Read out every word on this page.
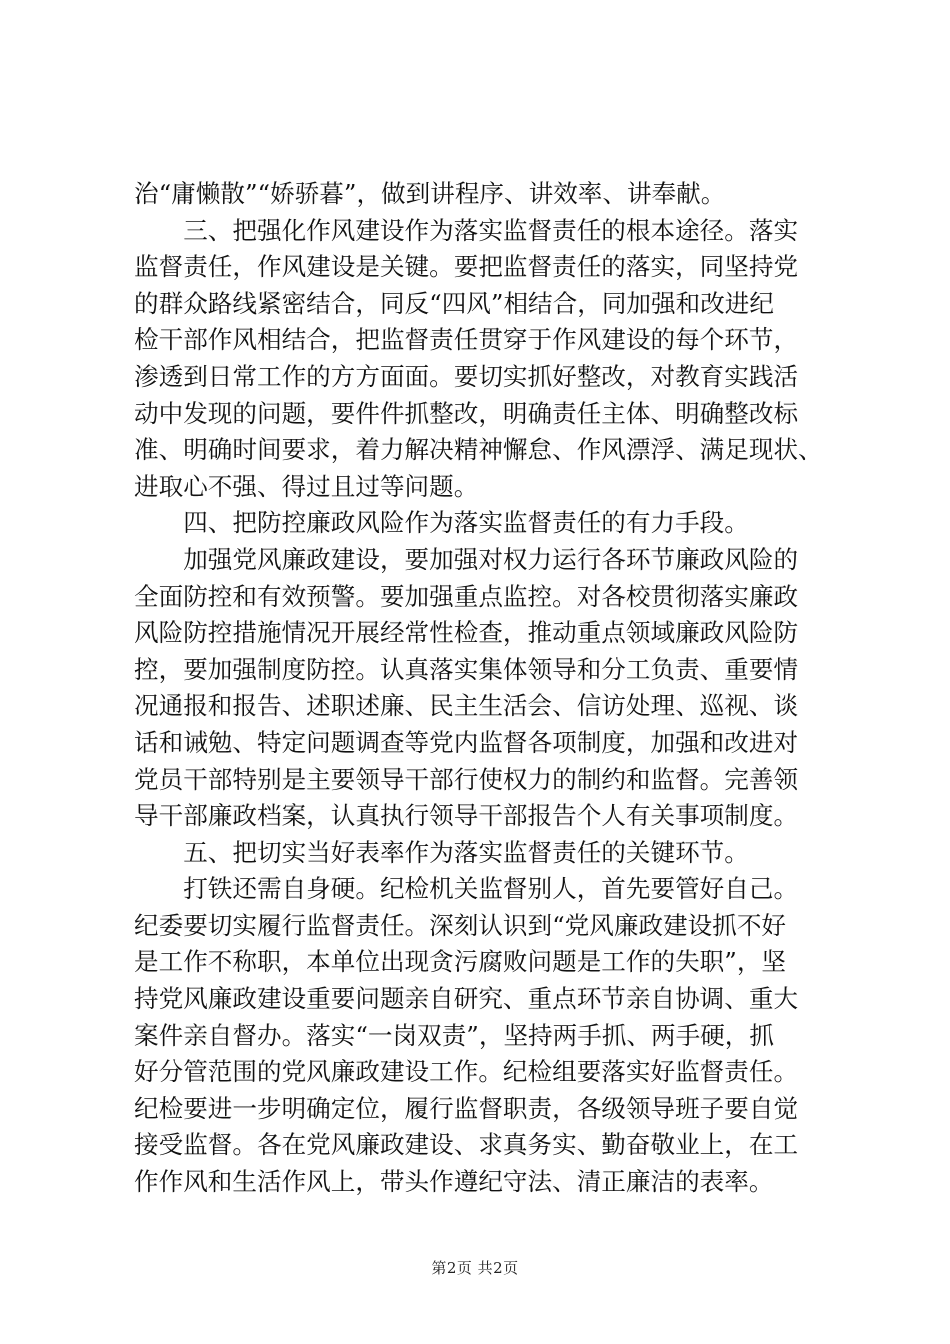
治“庸懒散”“娇骄暮”，做到讲程序、讲效率、讲奉献。
　　三、把强化作风建设作为落实监督责任的根本途径。落实
监督责任，作风建设是关键。要把监督责任的落实，同坚持党
的群众路线紧密结合，同反“四风”相结合，同加强和改进纪
检干部作风相结合，把监督责任贯穿于作风建设的每个环节，
渗透到日常工作的方方面面。要切实抓好整改，对教育实践活
动中发现的问题，要件件抓整改，明确责任主体、明确整改标
准、明确时间要求，着力解决精神懈怠、作风漂浮、满足现状、
进取心不强、得过且过等问题。
　　四、把防控廉政风险作为落实监督责任的有力手段。
　　加强党风廉政建设，要加强对权力运行各环节廉政风险的
全面防控和有效预警。要加强重点监控。对各校贯彻落实廉政
风险防控措施情况开展经常性检查，推动重点领域廉政风险防
控，要加强制度防控。认真落实集体领导和分工负责、重要情
况通报和报告、述职述廉、民主生活会、信访处理、巡视、谈
话和诫勉、特定问题调查等党内监督各项制度，加强和改进对
党员干部特别是主要领导干部行使权力的制约和监督。完善领
导干部廉政档案，认真执行领导干部报告个人有关事项制度。
　　五、把切实当好表率作为落实监督责任的关键环节。
　　打铁还需自身硬。纪检机关监督别人，首先要管好自己。
纪委要切实履行监督责任。深刻认识到“党风廉政建设抓不好
是工作不称职，本单位出现贪污腐败问题是工作的失职”，坚
持党风廉政建设重要问题亲自研究、重点环节亲自协调、重大
案件亲自督办。落实“一岗双责”，坚持两手抓、两手硬，抓
好分管范围的党风廉政建设工作。纪检组要落实好监督责任。
纪检要进一步明确定位，履行监督职责，各级领导班子要自觉
接受监督。各在党风廉政建设、求真务实、勤奋敬业上，在工
作作风和生活作风上，带头作遵纪守法、清正廉洁的表率。
第2页 共2页
